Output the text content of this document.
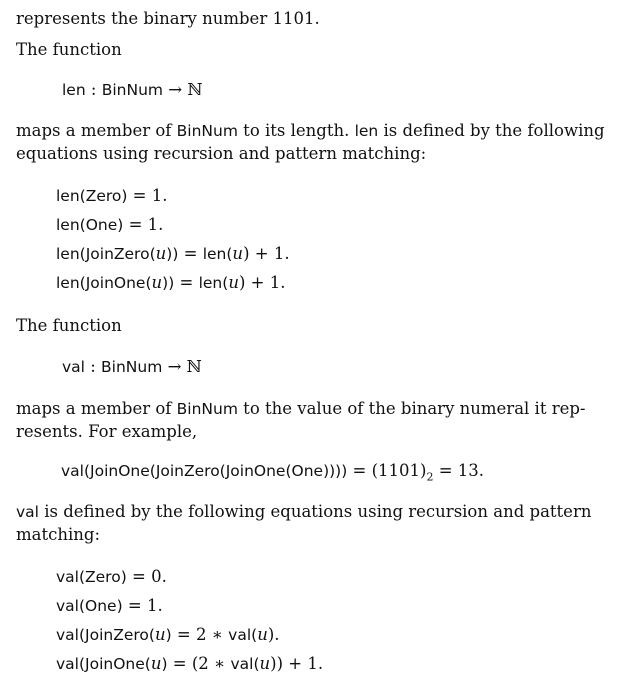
represents the binary number 1101.
The function
len : BinNum → ℕ
maps a member of BinNum to its length. len is defined by the following
equations using recursion and pattern matching:
len(Zero) = 1.
len(One) = 1.
len(JoinZero(u)) = len(u) + 1.
len(JoinOne(u)) = len(u) + 1.
The function
val : BinNum → ℕ
maps a member of BinNum to the value of the binary numeral it rep-
resents. For example,
val(JoinOne(JoinZero(JoinOne(One)))) = $(1101)_2 = 13$.
val is defined by the following equations using recursion and pattern
matching:
val(Zero) = 0.
val(One) = 1.
val(JoinZero(u) = 2 ∗ val(u).
val(JoinOne(u) = (2 ∗ val(u)) + 1.
